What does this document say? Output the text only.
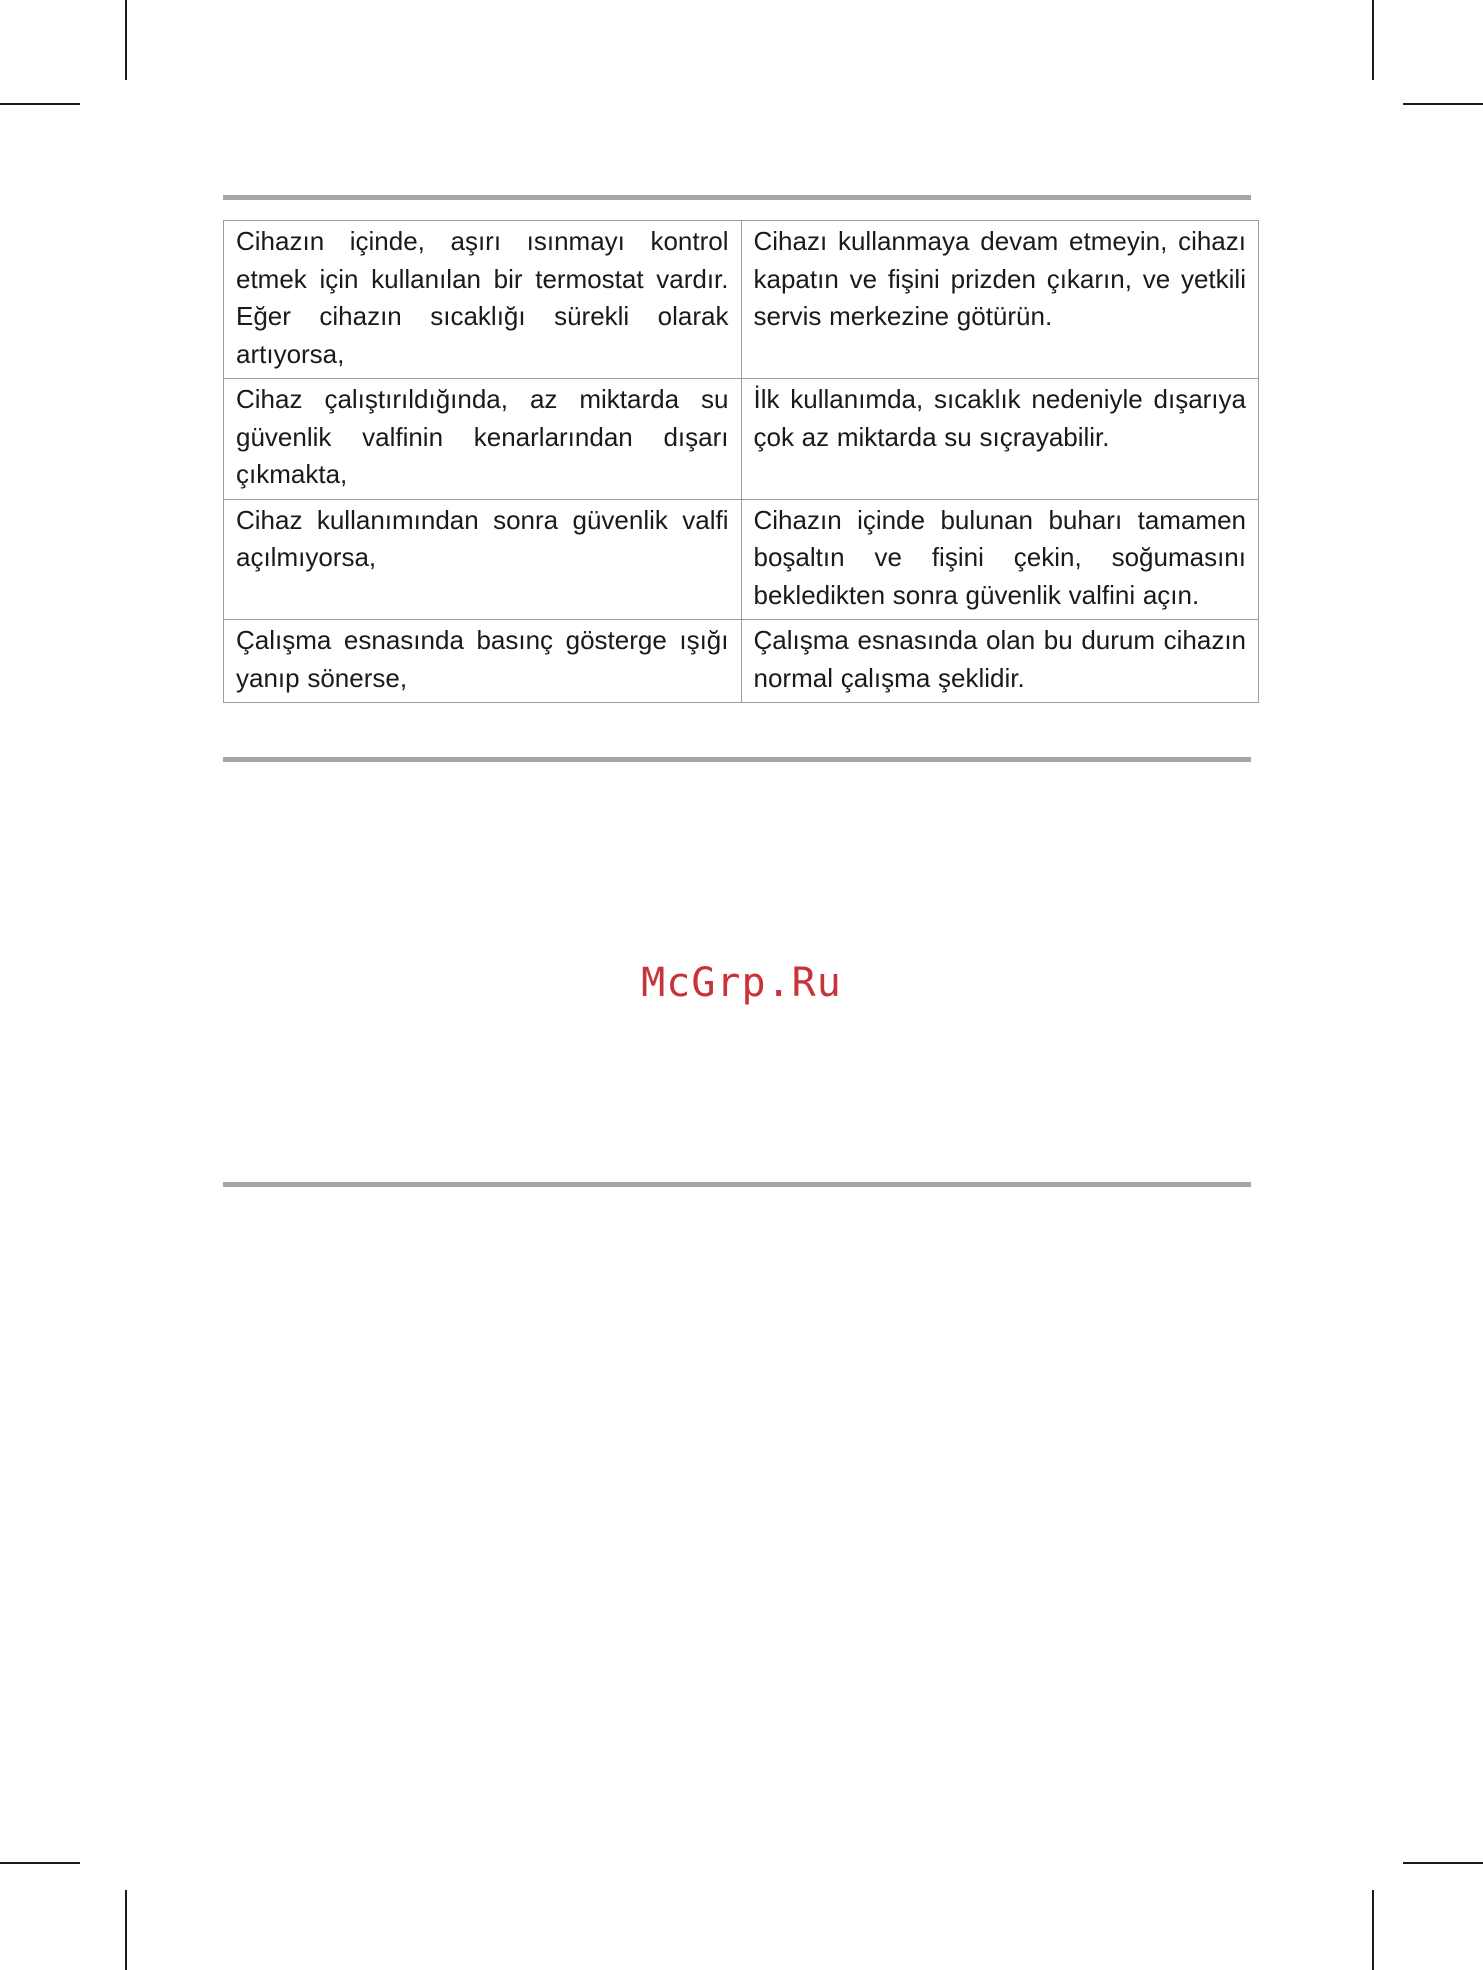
Cihazın içinde, aşırı ısınmayı kontrol etmek için kullanılan bir termostat vardır. Eğer cihazın sıcaklığı sürekli olarak artıyorsa,	Cihazı kullanmaya devam etmeyin, cihazı kapatın ve fişini prizden çıkarın, ve yetkili servis merkezine götürün.
Cihaz çalıştırıldığında, az miktarda su güvenlik valfinin kenarlarından dışarı çıkmakta,	İlk kullanımda, sıcaklık nedeniyle dışarıya çok az miktarda su sıçrayabilir.
Cihaz kullanımından sonra güvenlik valfi açılmıyorsa,	Cihazın içinde bulunan buharı tamamen boşaltın ve fişini çekin, soğumasını bekledikten sonra güvenlik valfini açın.
Çalışma esnasında basınç gösterge ışığı yanıp sönerse,	Çalışma esnasında olan bu durum cihazın normal çalışma şeklidir.
McGrp.Ru
